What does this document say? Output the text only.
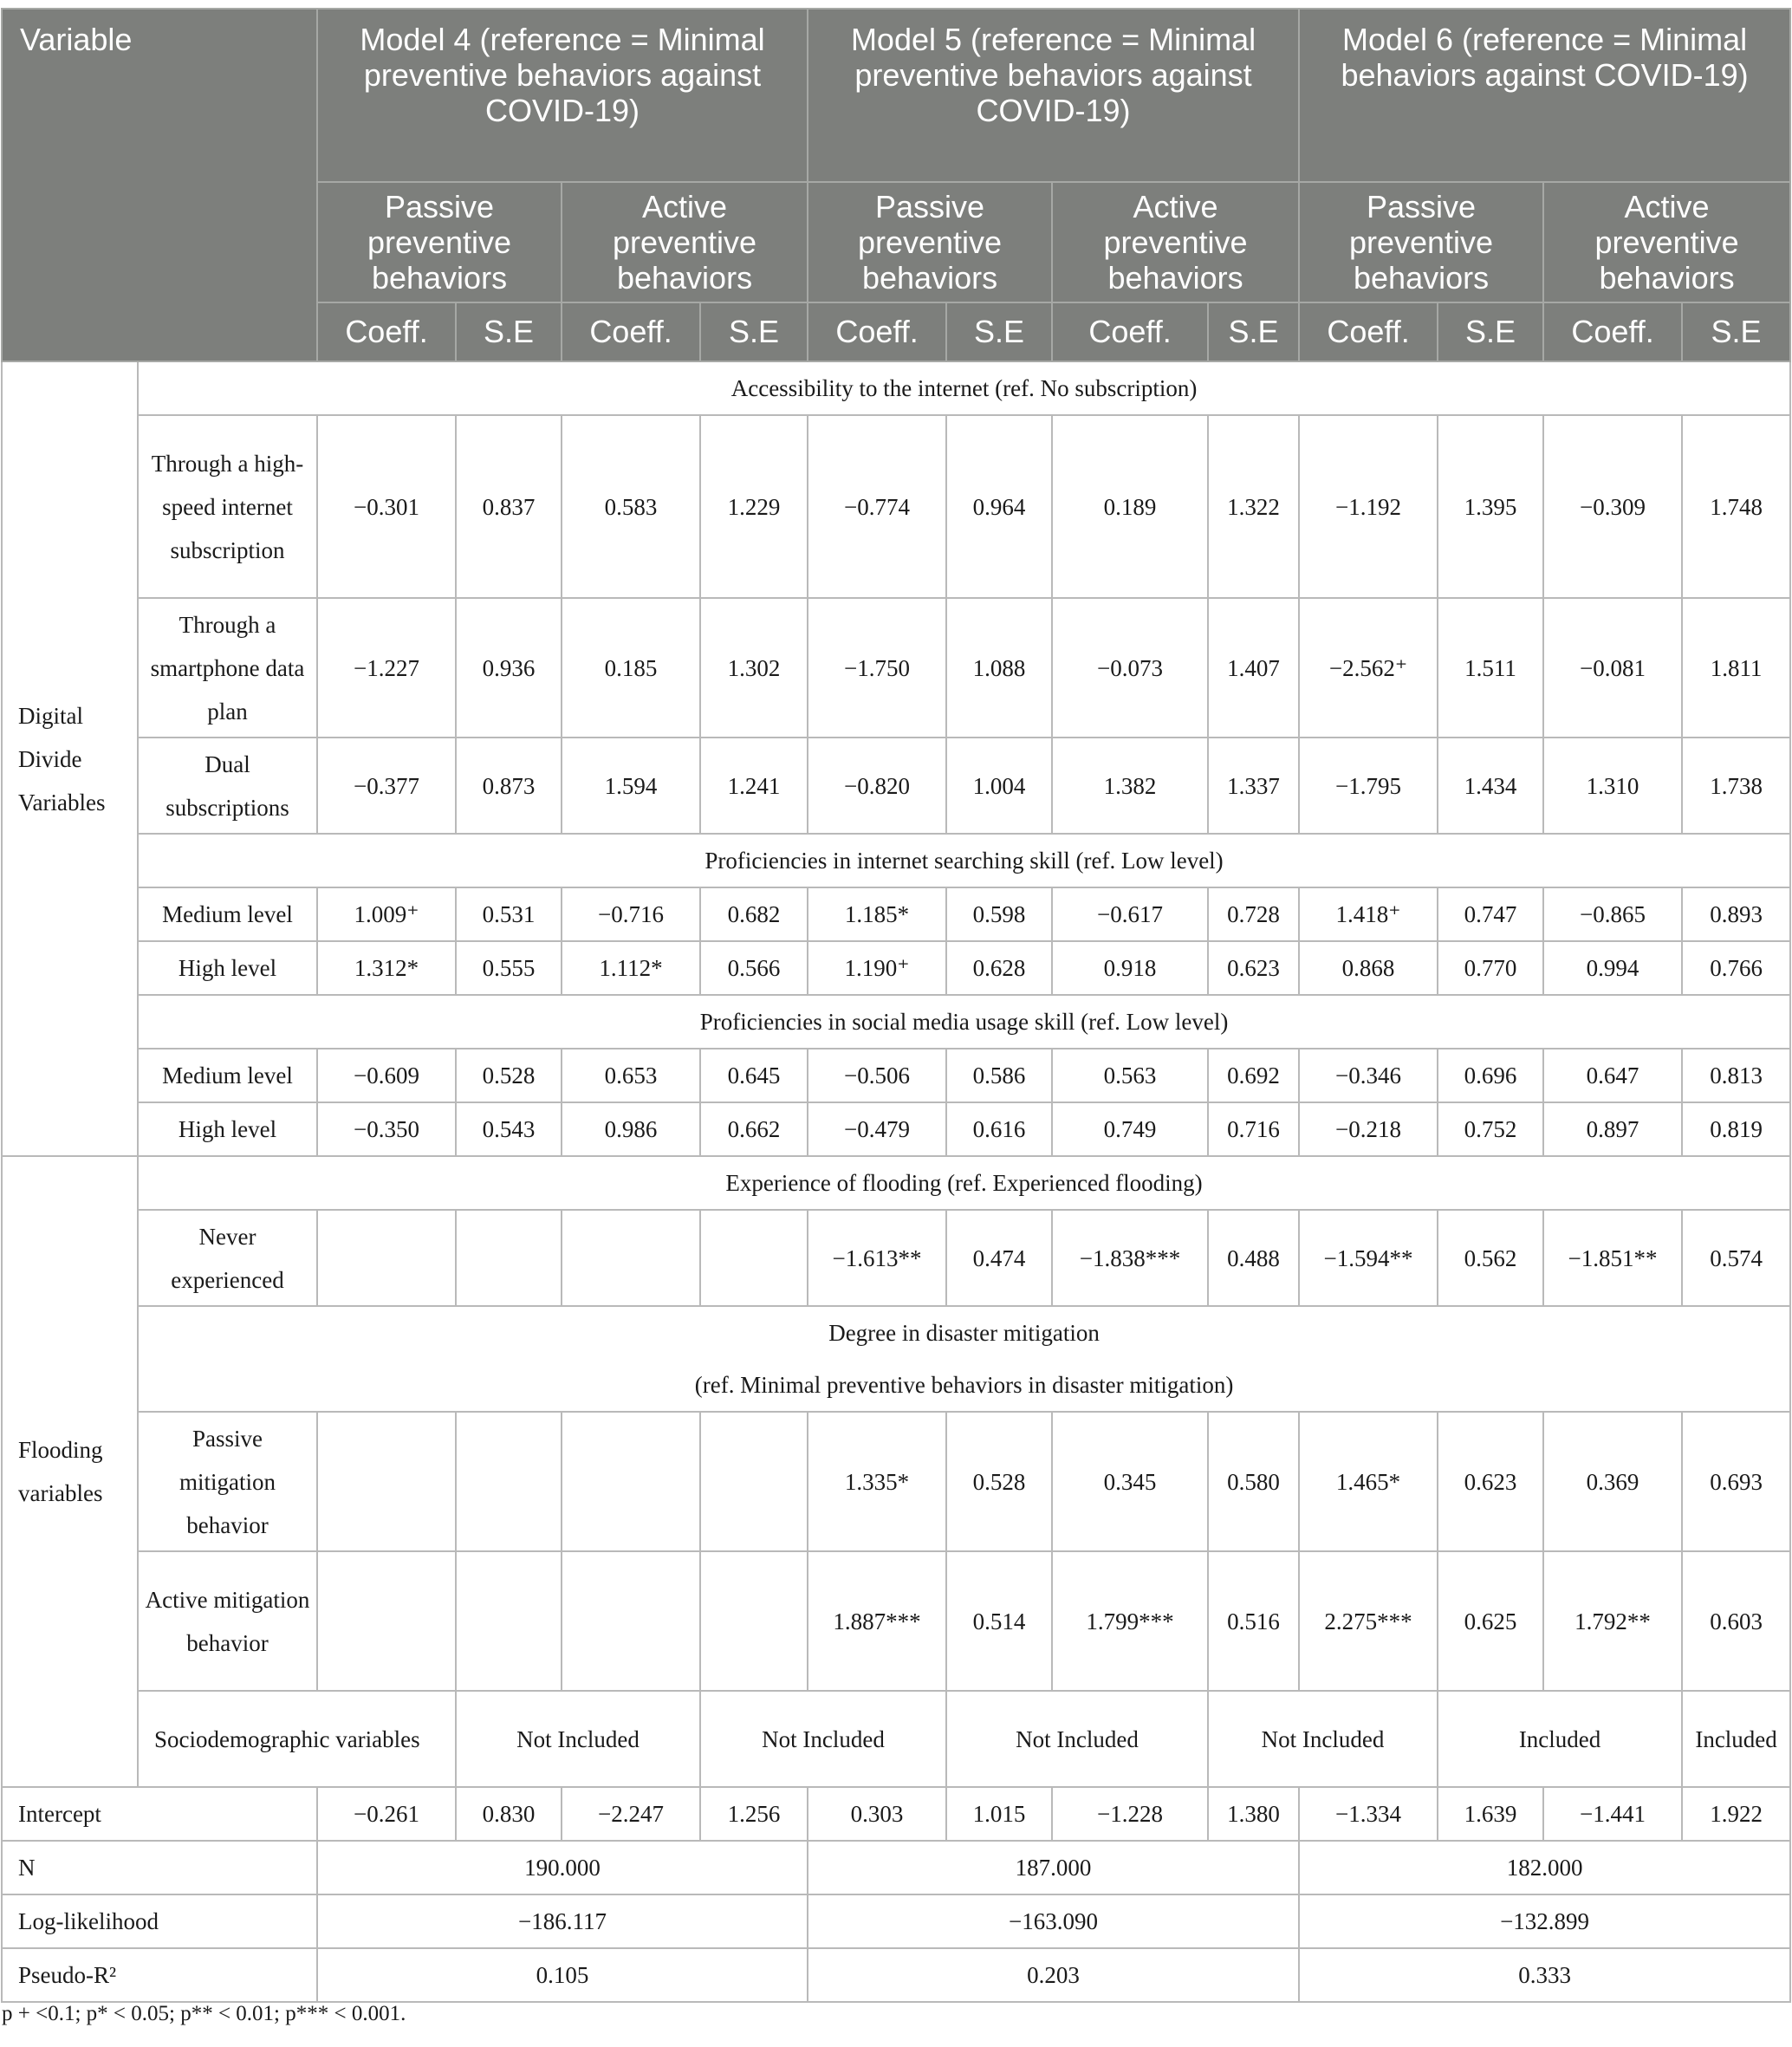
Variable		Model 4 (reference = Minimal preventive behaviors against COVID-19)				Model 5 (reference = Minimal preventive behaviors against COVID-19)				Model 6 (reference = Minimal behaviors against COVID-19)			
		Passive preventive behaviors		Active preventive behaviors		Passive preventive behaviors		Active preventive behaviors		Passive preventive behaviors		Active preventive behaviors	
		Coeff.	S.E	Coeff.	S.E	Coeff.	S.E	Coeff.	S.E	Coeff.	S.E	Coeff.	S.E
Digital Divide Variables	Accessibility to the internet (ref. No subscription)												
	Through a high-speed internet subscription	−0.301	0.837	0.583	1.229	−0.774	0.964	0.189	1.322	−1.192	1.395	−0.309	1.748
	Through a smartphone data plan	−1.227	0.936	0.185	1.302	−1.750	1.088	−0.073	1.407	−2.562⁺	1.511	−0.081	1.811
	Dual subscriptions	−0.377	0.873	1.594	1.241	−0.820	1.004	1.382	1.337	−1.795	1.434	1.310	1.738
	Proficiencies in internet searching skill (ref. Low level)												
	Medium level	1.009⁺	0.531	−0.716	0.682	1.185*	0.598	−0.617	0.728	1.418⁺	0.747	−0.865	0.893
	High level	1.312*	0.555	1.112*	0.566	1.190⁺	0.628	0.918	0.623	0.868	0.770	0.994	0.766
	Proficiencies in social media usage skill (ref. Low level)												
	Medium level	−0.609	0.528	0.653	0.645	−0.506	0.586	0.563	0.692	−0.346	0.696	0.647	0.813
	High level	−0.350	0.543	0.986	0.662	−0.479	0.616	0.749	0.716	−0.218	0.752	0.897	0.819
Flooding variables	Experience of flooding (ref. Experienced flooding)												
	Never experienced					−1.613**	0.474	−1.838***	0.488	−1.594**	0.562	−1.851**	0.574

	Degree in disaster mitigation
(ref. Minimal preventive behaviors in disaster mitigation)												

	Passive mitigation behavior					1.335*	0.528	0.345	0.580	1.465*	0.623	0.369	0.693
	Active mitigation behavior					1.887***	0.514	1.799***	0.516	2.275***	0.625	1.792**	0.603
	Sociodemographic variables		Not Included		Not Included		Not Included		Not Included		Included		Included
Intercept		−0.261	0.830	−2.247	1.256	0.303	1.015	−1.228	1.380	−1.334	1.639	−1.441	1.922
N		190.000				187.000				182.000			
Log-likelihood		−186.117				−163.090				−132.899			
Pseudo-R²		0.105				0.203				0.333			
p + <0.1; p* < 0.05; p** < 0.01; p*** < 0.001.
